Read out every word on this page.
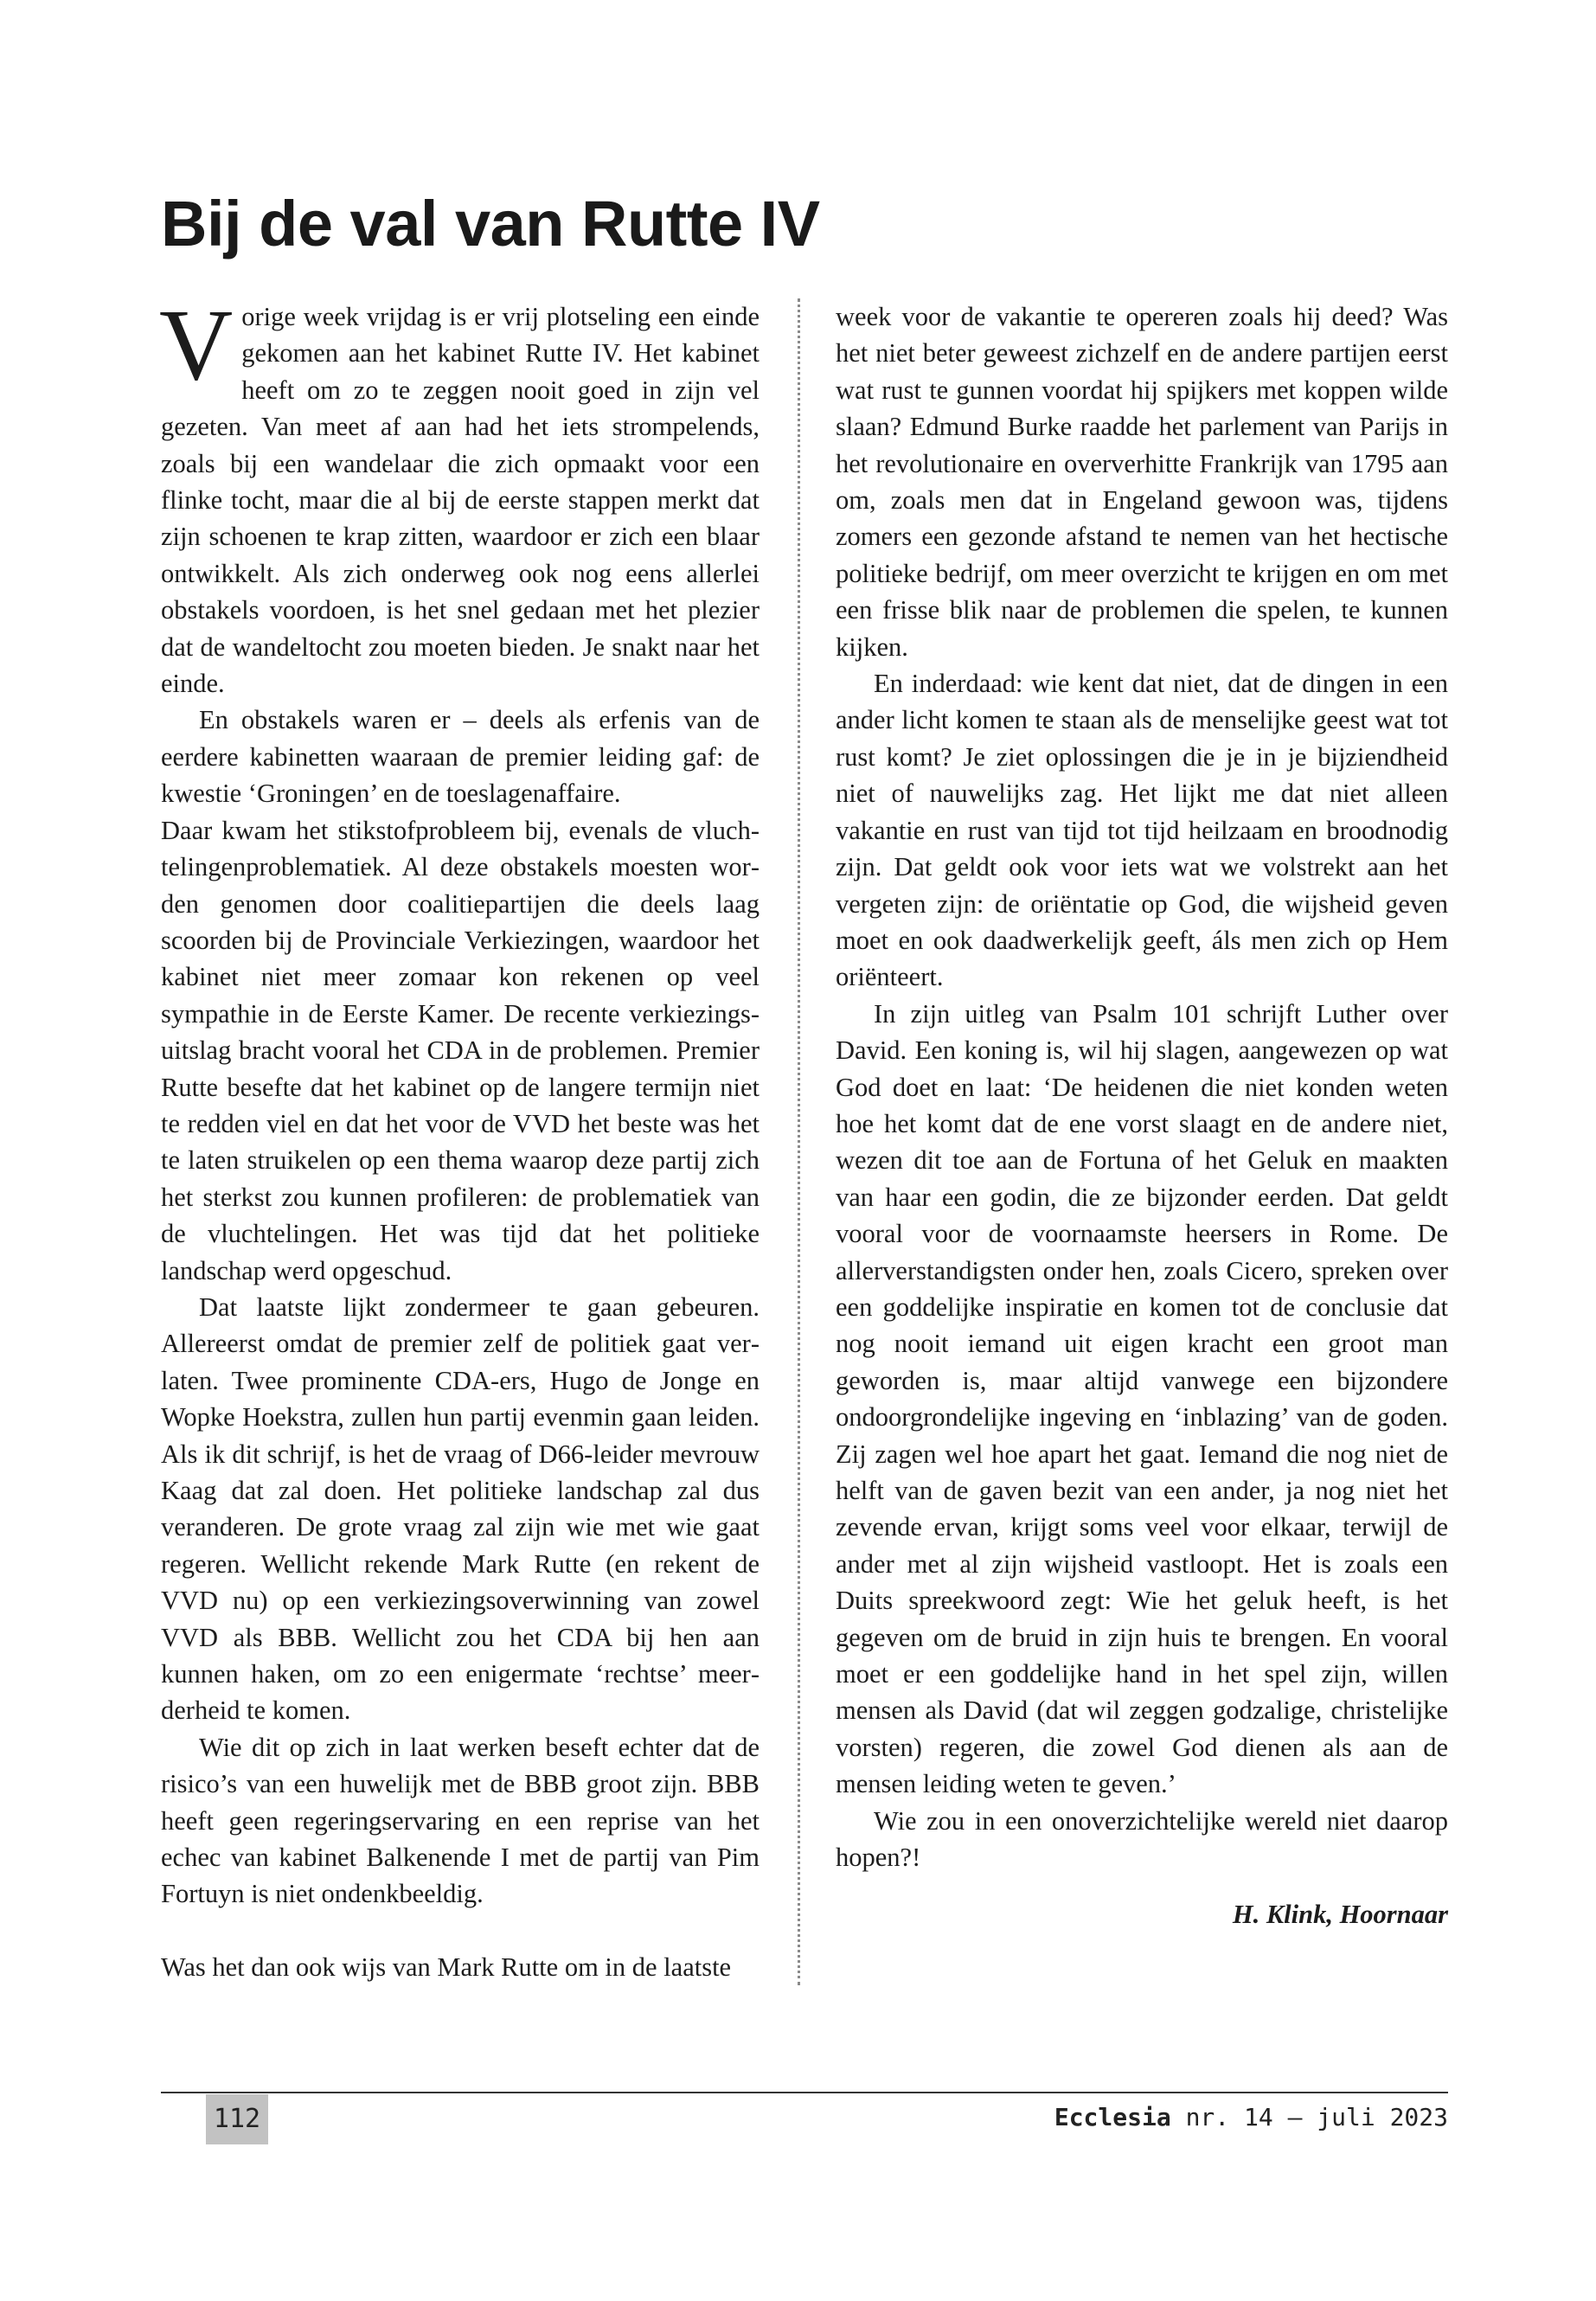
Bij de val van Rutte IV

Vorige week vrijdag is er vrij plotseling een einde gekomen aan het kabinet Rutte IV. Het kabinet heeft om zo te zeggen nooit goed in zijn vel gezeten. Van meet af aan had het iets strompelends, zoals bij een wandelaar die zich opmaakt voor een flinke tocht, maar die al bij de eerste stappen merkt dat zijn schoenen te krap zitten, waardoor er zich een blaar ontwikkelt. Als zich onderweg ook nog eens allerlei obstakels voordoen, is het snel gedaan met het plezier dat de wandeltocht zou moeten bieden. Je snakt naar het einde.

En obstakels waren er – deels als erfenis van de eerdere kabinetten waaraan de premier leiding gaf: de kwestie ‘Groningen’ en de toeslagenaffaire.

Daar kwam het stikstofprobleem bij, evenals de vluchtelingenproblematiek. Al deze obstakels moesten worden genomen door coalitiepartijen die deels laag scoorden bij de Provinciale Verkiezingen, waardoor het kabinet niet meer zomaar kon rekenen op veel sympathie in de Eerste Kamer. De recente verkiezingsuitslag bracht vooral het CDA in de problemen. Premier Rutte besefte dat het kabinet op de langere termijn niet te redden viel en dat het voor de VVD het beste was het te laten struikelen op een thema waarop deze partij zich het sterkst zou kunnen profileren: de problematiek van de vluchtelingen. Het was tijd dat het politieke landschap werd opgeschud.

Dat laatste lijkt zondermeer te gaan gebeuren. Allereerst omdat de premier zelf de politiek gaat verlaten. Twee prominente CDA-ers, Hugo de Jonge en Wopke Hoekstra, zullen hun partij evenmin gaan leiden. Als ik dit schrijf, is het de vraag of D66-leider mevrouw Kaag dat zal doen. Het politieke landschap zal dus veranderen. De grote vraag zal zijn wie met wie gaat regeren. Wellicht rekende Mark Rutte (en rekent de VVD nu) op een verkiezingsoverwinning van zowel VVD als BBB. Wellicht zou het CDA bij hen aan kunnen haken, om zo een enigermate ‘rechtse’ meerderheid te komen.

Wie dit op zich in laat werken beseft echter dat de risico’s van een huwelijk met de BBB groot zijn. BBB heeft geen regeringservaring en een reprise van het echec van kabinet Balkenende I met de partij van Pim Fortuyn is niet ondenkbeeldig.

Was het dan ook wijs van Mark Rutte om in de laatste

week voor de vakantie te opereren zoals hij deed? Was het niet beter geweest zichzelf en de andere partijen eerst wat rust te gunnen voordat hij spijkers met koppen wilde slaan? Edmund Burke raadde het parlement van Parijs in het revolutionaire en oververhitte Frankrijk van 1795 aan om, zoals men dat in Engeland gewoon was, tijdens zomers een gezonde afstand te nemen van het hectische politieke bedrijf, om meer overzicht te krijgen en om met een frisse blik naar de problemen die spelen, te kunnen kijken.

En inderdaad: wie kent dat niet, dat de dingen in een ander licht komen te staan als de menselijke geest wat tot rust komt? Je ziet oplossingen die je in je bijziendheid niet of nauwelijks zag. Het lijkt me dat niet alleen vakantie en rust van tijd tot tijd heilzaam en broodnodig zijn. Dat geldt ook voor iets wat we volstrekt aan het vergeten zijn: de oriëntatie op God, die wijsheid geven moet en ook daadwerkelijk geeft, áls men zich op Hem oriënteert.

In zijn uitleg van Psalm 101 schrijft Luther over David. Een koning is, wil hij slagen, aangewezen op wat God doet en laat: ‘De heidenen die niet konden weten hoe het komt dat de ene vorst slaagt en de andere niet, wezen dit toe aan de Fortuna of het Geluk en maakten van haar een godin, die ze bijzonder eerden. Dat geldt vooral voor de voornaamste heersers in Rome. De allerverstandigsten onder hen, zoals Cicero, spreken over een goddelijke inspiratie en komen tot de conclusie dat nog nooit iemand uit eigen kracht een groot man geworden is, maar altijd vanwege een bijzondere ondoorgrondelijke ingeving en ‘inblazing’ van de goden. Zij zagen wel hoe apart het gaat. Iemand die nog niet de helft van de gaven bezit van een ander, ja nog niet het zevende ervan, krijgt soms veel voor elkaar, terwijl de ander met al zijn wijsheid vastloopt. Het is zoals een Duits spreekwoord zegt: Wie het geluk heeft, is het gegeven om de bruid in zijn huis te brengen. En vooral moet er een goddelijke hand in het spel zijn, willen mensen als David (dat wil zeggen godzalige, christelijke vorsten) regeren, die zowel God dienen als aan de mensen leiding weten te geven.’

Wie zou in een onoverzichtelijke wereld niet daarop hopen?!

H. Klink, Hoornaar

112	Ecclesia nr. 14 – juli 2023
